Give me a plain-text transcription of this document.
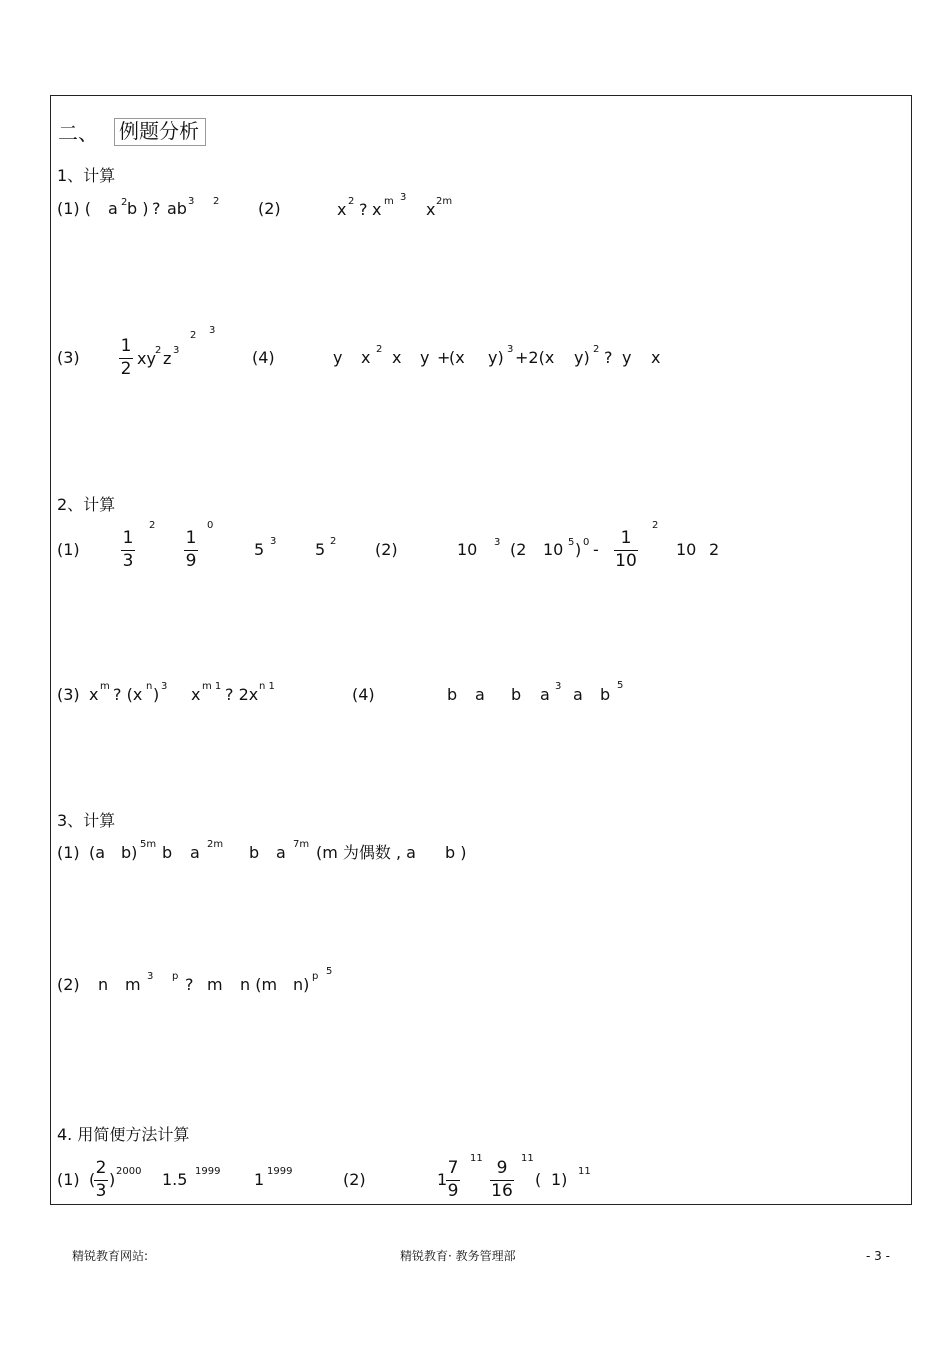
二、 例题分析
1、计算
(1) ( a 2 b ) ? ab 3 2 (2)	x 2 ? x m 3
x 2m
(3)
1
2
xy 2 z 3
2 3
(4)	y x 2 x y +
(x y) 3 +2(x y) 2 ? y x
2、计算
(1)
1
3
2
1
9
0
5 3 5 2 (2)	10 3 (2 10 5 ) 0 -
1
10
2
10 2
(3) x m ? (x n ) 3 x m 1 ? 2x n 1	(4)	b a b a 3 a b 5
3、计算
(1) (a b) 5m b a 2m b a 7m (m 为偶数 , a b )
(2) n m 3 p ? m n (m n) p 5
4. 用简便方法计算
(1) (
2
3
) 2000 1.5 1999 1 1999	(2)	1
7
9
11 9
16
11
( 1) 11
精锐教育网站:	精锐教育· 教务管理部	- 3 -
